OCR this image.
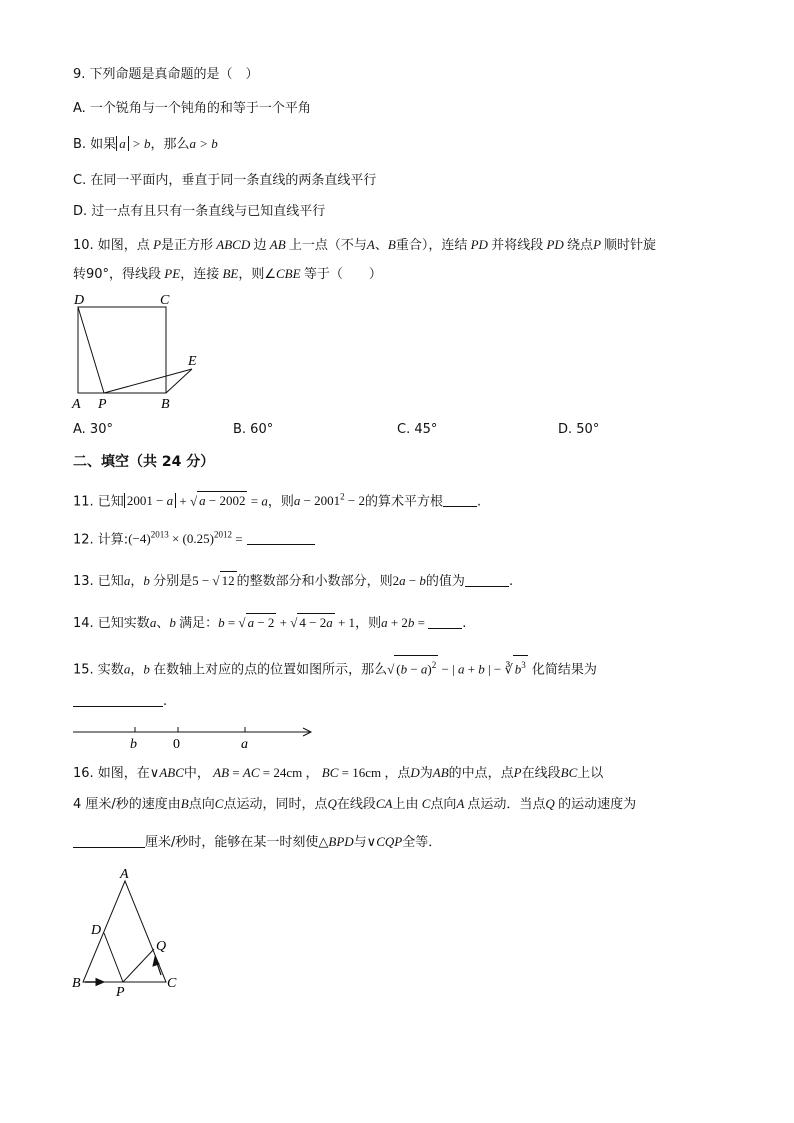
9. 下列命题是真命题的是（　）
A. 一个锐角与一个钝角的和等于一个平角
B. 如果 a > b，那么a > b
C. 在同一平面内，垂直于同一条直线的两条直线平行
D. 过一点有且只有一条直线与已知直线平行
10. 如图，点 P是正方形 ABCD 边 AB 上一点（不与A、B重合），连结 PD 并将线段 PD 绕点P 顺时针旋
转90°，得线段 PE，连接 BE，则∠CBE 等于（　　）
D	C
E
A P	B
A. 30°	B. 60°	C. 45°	D. 50°
二、填空（共 24 分）
11. 已知 2001 − a + √ a − 2002 = a，则$a - 2001^2 - 2$的算术平方根	.
12. 计算$:(-4)^{2013} \times (0.25)^{2012}$ =
13. 已知a，b 分别是5 − √ 12 的整数部分和小数部分，则2a − b的值为	.
14. 已知实数a、b 满足：b = √ a − 2 + √ 4 − 2a + 1，则a + 2b =	.
15. 实数a，b 在数轴上对应的点的位置如图所示，那么√ $(b - a)^2$ − | a + b | − ∛ $b^3$ 化简结果为
.
b	0	a
16. 如图，在∨ABC中， AB = AC = 24cm ， BC = 16cm ，点D为AB的中点，点P在线段BC上以
4 厘米/秒的速度由B点向C点运动，同时，点Q在线段CA上由 C点向A 点运动．当点Q 的运动速度为
厘米/秒时，能够在某一时刻使△BPD与∨CQP全等．
A
D
Q
B
P
C
